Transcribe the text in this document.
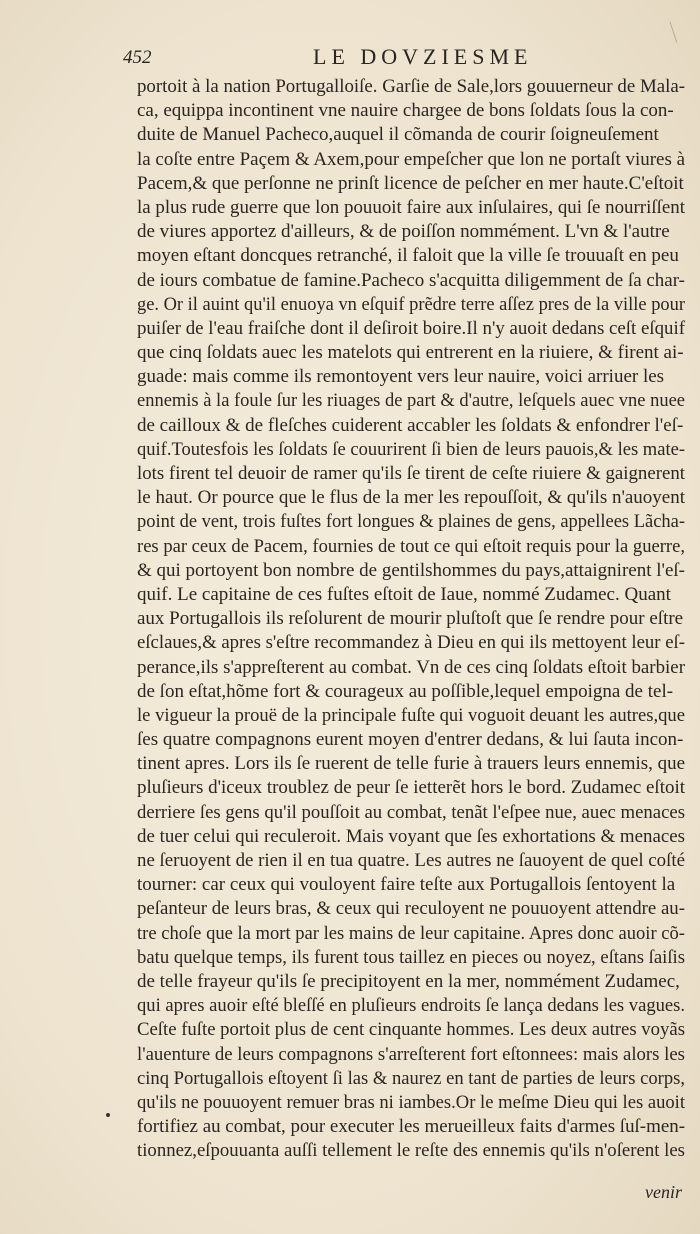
452	LE DOVZIESME
portoit à la nation Portugalloiſe. Garſie de Sale,lors gouuerneur de Mala-
ca, equippa incontinent vne nauire chargee de bons ſoldats ſous la con-
duite de Manuel Pacheco,auquel il cõmanda de courir ſoigneuſement
la coſte entre Paçem & Axem,pour empeſcher que lon ne portaſt viures à
Pacem,& que perſonne ne prinſt licence de peſcher en mer haute.C'eſtoit
la plus rude guerre que lon pouuoit faire aux inſulaires, qui ſe nourriſſent
de viures apportez d'ailleurs, & de poiſſon nommément. L'vn & l'autre
moyen eſtant doncques retranché, il faloit que la ville ſe trouuaſt en peu
de iours combatue de famine.Pacheco s'acquitta diligemment de ſa char-
ge. Or il auint qu'il enuoya vn eſquif prẽdre terre aſſez pres de la ville pour
puiſer de l'eau fraiſche dont il deſiroit boire.Il n'y auoit dedans ceſt eſquif
que cinq ſoldats auec les matelots qui entrerent en la riuiere, & firent ai-
guade: mais comme ils remontoyent vers leur nauire, voici arriuer les
ennemis à la foule ſur les riuages de part & d'autre, leſquels auec vne nuee
de cailloux & de fleſches cuiderent accabler les ſoldats & enfondrer l'eſ-
quif.Toutesfois les ſoldats ſe couurirent ſi bien de leurs pauois,& les mate-
lots firent tel deuoir de ramer qu'ils ſe tirent de ceſte riuiere & gaignerent
le haut. Or pource que le flus de la mer les repouſſoit, & qu'ils n'auoyent
point de vent, trois fuſtes fort longues & plaines de gens, appellees Lãcha-
res par ceux de Pacem, fournies de tout ce qui eſtoit requis pour la guerre,
& qui portoyent bon nombre de gentilshommes du pays,attaignirent l'eſ-
quif. Le capitaine de ces fuſtes eſtoit de Iaue, nommé Zudamec. Quant
aux Portugallois ils reſolurent de mourir pluſtoſt que ſe rendre pour eſtre
eſclaues,& apres s'eſtre recommandez à Dieu en qui ils mettoyent leur eſ-
perance,ils s'appreſterent au combat. Vn de ces cinq ſoldats eſtoit barbier
de ſon eſtat,hõme fort & courageux au poſſible,lequel empoigna de tel-
le vigueur la prouë de la principale fuſte qui voguoit deuant les autres,que
ſes quatre compagnons eurent moyen d'entrer dedans, & lui ſauta incon-
tinent apres. Lors ils ſe ruerent de telle furie à trauers leurs ennemis, que
pluſieurs d'iceux troublez de peur ſe ietterẽt hors le bord. Zudamec eſtoit
derriere ſes gens qu'il pouſſoit au combat, tenãt l'eſpee nue, auec menaces
de tuer celui qui reculeroit. Mais voyant que ſes exhortations & menaces
ne ſeruoyent de rien il en tua quatre. Les autres ne ſauoyent de quel coſté
tourner: car ceux qui vouloyent faire teſte aux Portugallois ſentoyent la
peſanteur de leurs bras, & ceux qui reculoyent ne pouuoyent attendre au-
tre choſe que la mort par les mains de leur capitaine. Apres donc auoir cõ-
batu quelque temps, ils furent tous taillez en pieces ou noyez, eſtans ſaiſis
de telle frayeur qu'ils ſe precipitoyent en la mer, nommément Zudamec,
qui apres auoir eſté bleſſé en pluſieurs endroits ſe lança dedans les vagues.
Ceſte fuſte portoit plus de cent cinquante hommes. Les deux autres voyãs
l'auenture de leurs compagnons s'arreſterent fort eſtonnees: mais alors les
cinq Portugallois eſtoyent ſi las & naurez en tant de parties de leurs corps,
qu'ils ne pouuoyent remuer bras ni iambes.Or le meſme Dieu qui les auoit
fortifiez au combat, pour executer les merueilleux faits d'armes ſuſ-men-
tionnez,eſpouuanta auſſi tellement le reſte des ennemis qu'ils n'oſerent les
venir
